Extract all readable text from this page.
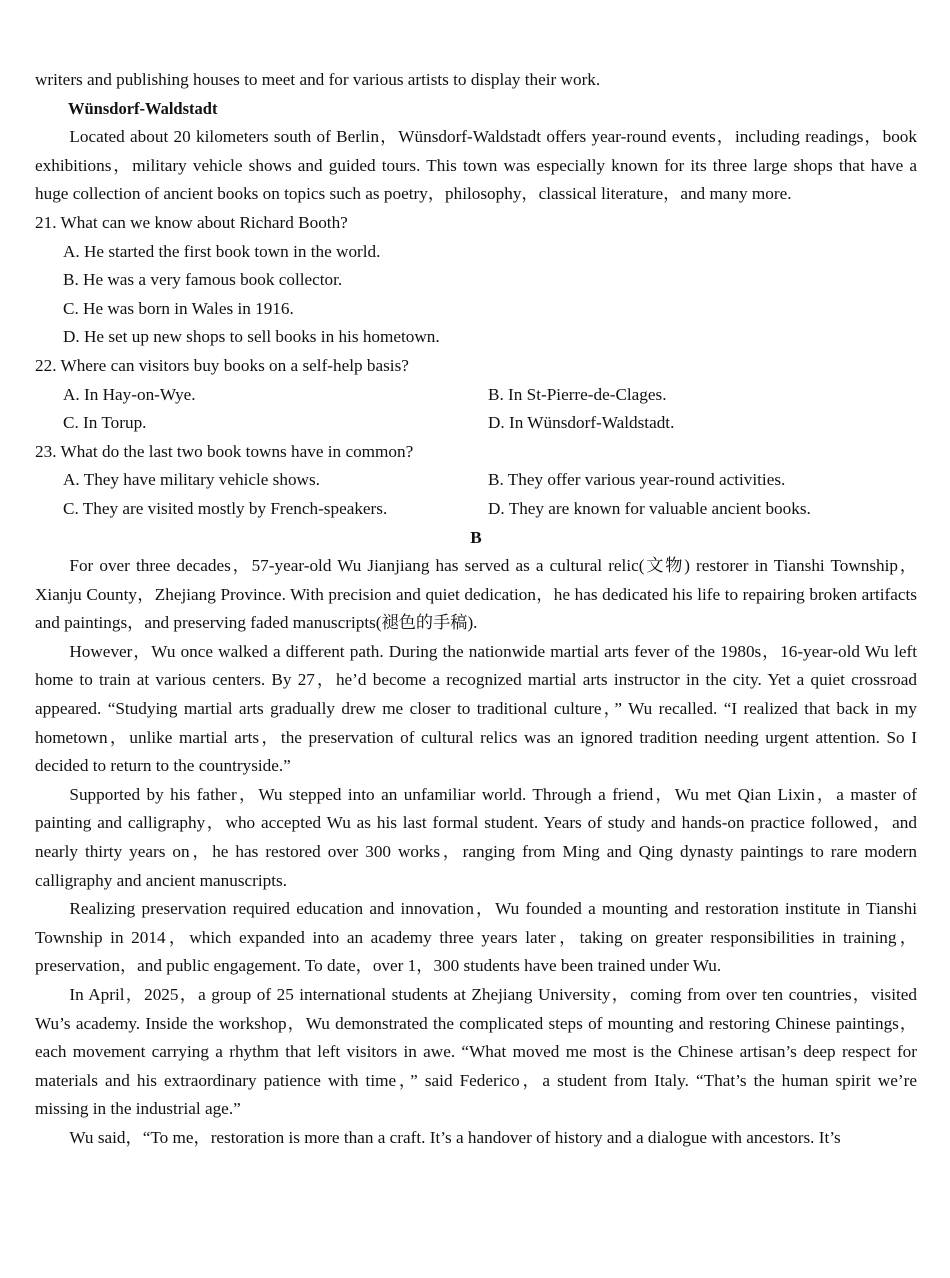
writers and publishing houses to meet and for various artists to display their work.
Wünsdorf-Waldstadt

Located about 20 kilometers south of Berlin，Wünsdorf-Waldstadt offers year-round events，including readings，book exhibitions，military vehicle shows and guided tours. This town was especially known for its three large shops that have a huge collection of ancient books on topics such as poetry，philosophy，classical literature，and many more.

21. What can we know about Richard Booth?
A. He started the first book town in the world.
B. He was a very famous book collector.
C. He was born in Wales in 1916.
D. He set up new shops to sell books in his hometown.
22. Where can visitors buy books on a self-help basis?
A. In Hay-on-Wye.	B. In St-Pierre-de-Clages.
C. In Torup.	D. In Wünsdorf-Waldstadt.
23. What do the last two book towns have in common?
A. They have military vehicle shows.	B. They offer various year-round activities.
C. They are visited mostly by French-speakers.	D. They are known for valuable ancient books.
B

For over three decades，57-year-old Wu Jianjiang has served as a cultural relic(文物) restorer in Tianshi Township，Xianju County，Zhejiang Province. With precision and quiet dedication，he has dedicated his life to repairing broken artifacts and paintings，and preserving faded manuscripts(褪色的手稿).

However，Wu once walked a different path. During the nationwide martial arts fever of the 1980s，16-year-old Wu left home to train at various centers. By 27，he’d become a recognized martial arts instructor in the city. Yet a quiet crossroad appeared. “Studying martial arts gradually drew me closer to traditional culture，” Wu recalled. “I realized that back in my hometown，unlike martial arts，the preservation of cultural relics was an ignored tradition needing urgent attention. So I decided to return to the countryside.”

Supported by his father，Wu stepped into an unfamiliar world. Through a friend，Wu met Qian Lixin，a master of painting and calligraphy，who accepted Wu as his last formal student. Years of study and hands-on practice followed，and nearly thirty years on，he has restored over 300 works，ranging from Ming and Qing dynasty paintings to rare modern calligraphy and ancient manuscripts.

Realizing preservation required education and innovation，Wu founded a mounting and restoration institute in Tianshi Township in 2014，which expanded into an academy three years later，taking on greater responsibilities in training，preservation，and public engagement. To date，over 1，300 students have been trained under Wu.

In April，2025，a group of 25 international students at Zhejiang University，coming from over ten countries，visited Wu’s academy. Inside the workshop，Wu demonstrated the complicated steps of mounting and restoring Chinese paintings，each movement carrying a rhythm that left visitors in awe. “What moved me most is the Chinese artisan’s deep respect for materials and his extraordinary patience with time，” said Federico，a student from Italy. “That’s the human spirit we’re missing in the industrial age.”

Wu said，“To me，restoration is more than a craft. It’s a handover of history and a dialogue with ancestors. It’s
